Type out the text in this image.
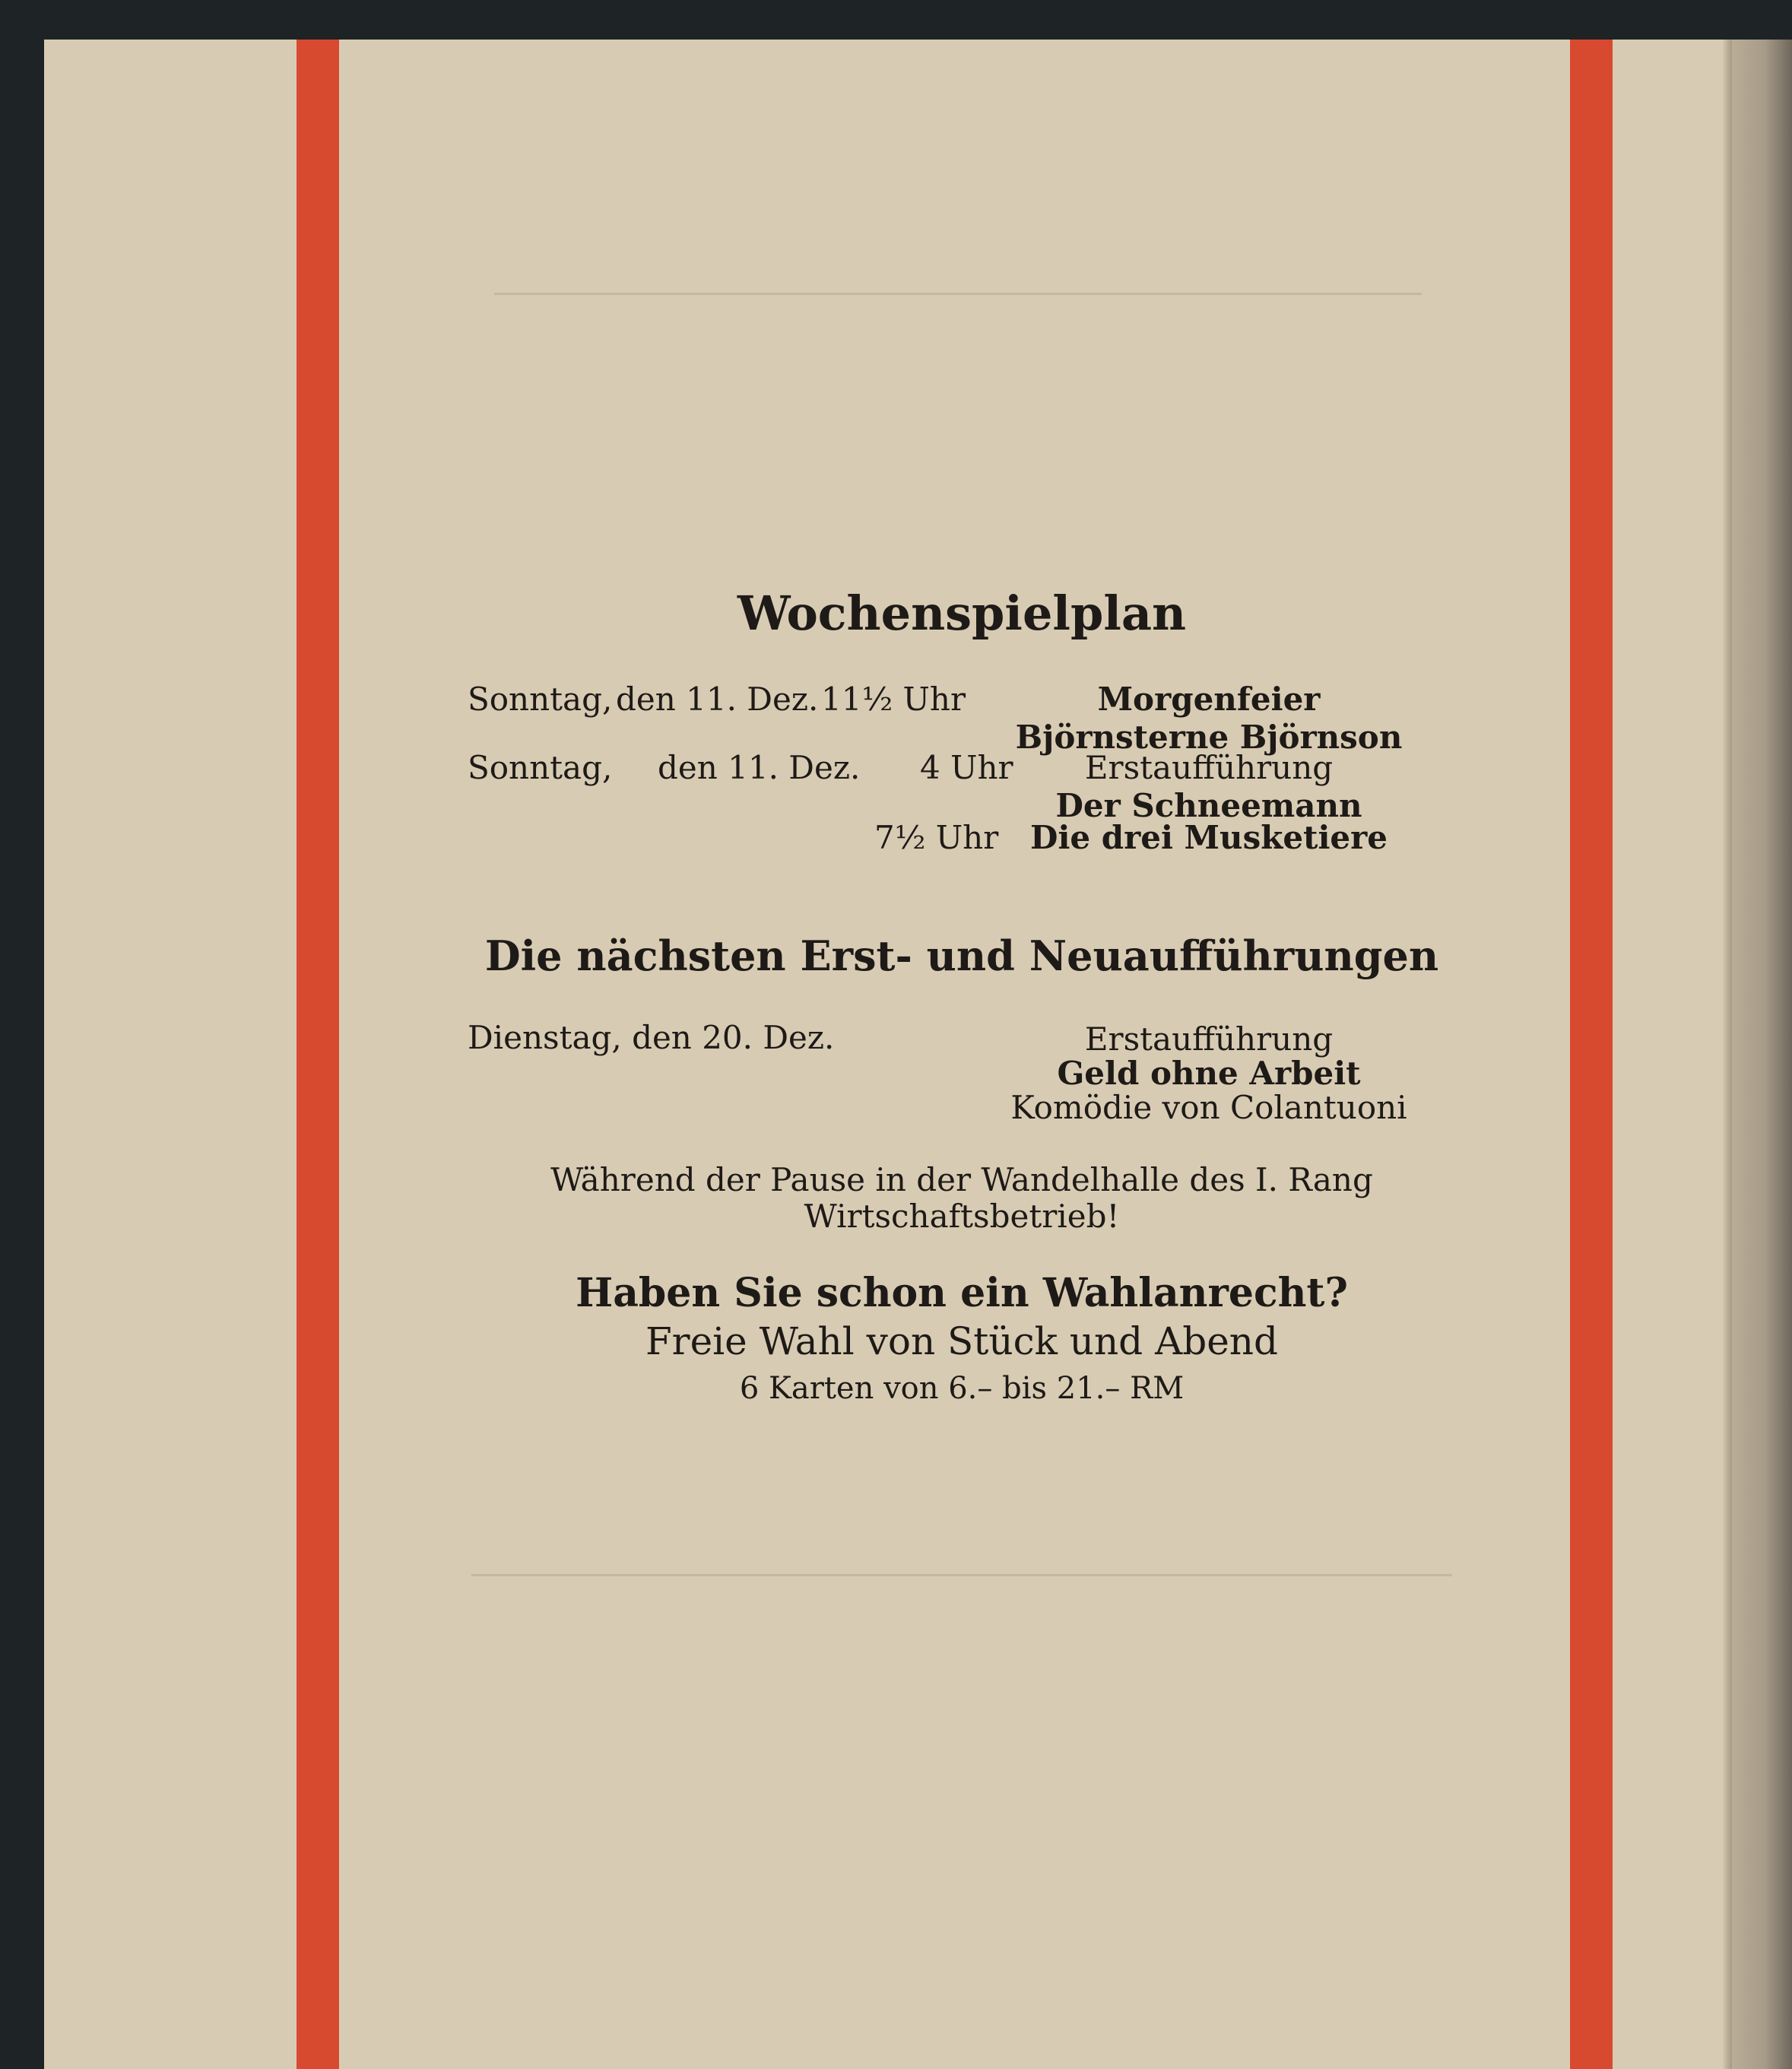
Wochenspielplan
Sonntag, den 11. Dez. 11½ Uhr	Morgenfeier
Björnsterne Björnson
Sonntag, den 11. Dez. 4 Uhr Erstaufführung
Der Schneemann
7½ Uhr Die drei Musketiere
Die nächsten Erst- und Neuaufführungen
Dienstag, den 20. Dez.	Erstaufführung
Geld ohne Arbeit
Komödie von Colantuoni
Während der Pause in der Wandelhalle des I. Rang
Wirtschaftsbetrieb!
Haben Sie schon ein Wahlanrecht?
Freie Wahl von Stück und Abend
6 Karten von 6.– bis 21.– RM
